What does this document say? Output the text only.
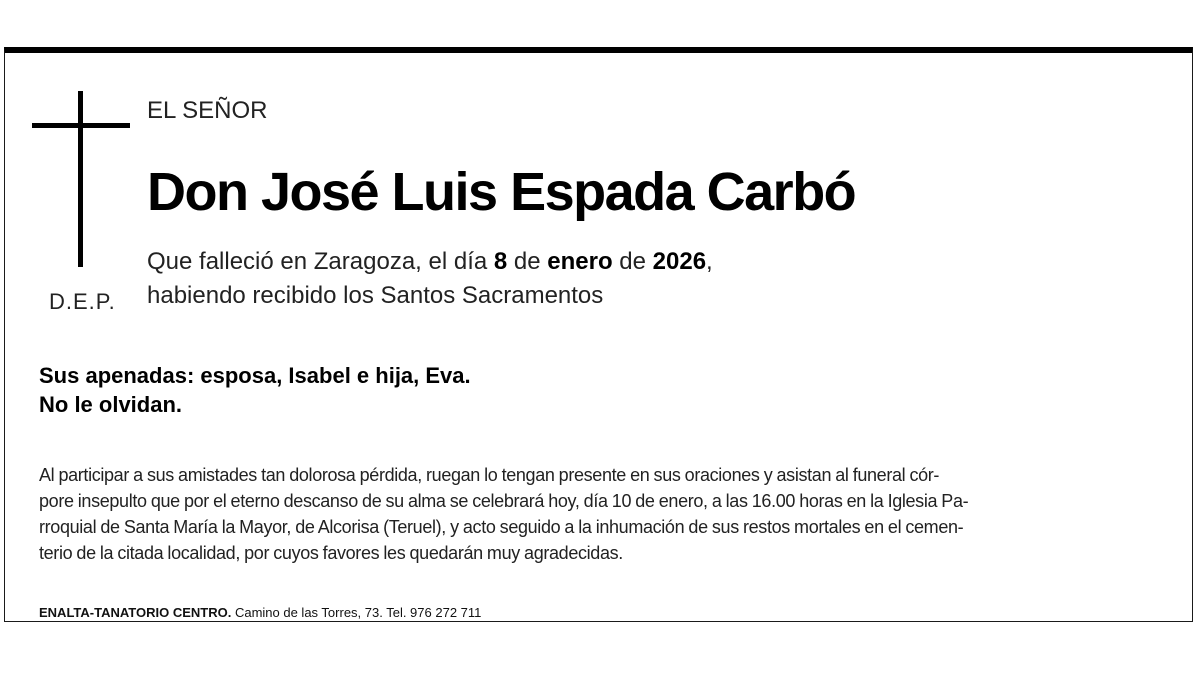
D.E.P.
EL SEÑOR
Don José Luis Espada Carbó
Que falleció en Zaragoza, el día 8 de enero de 2026,
habiendo recibido los Santos Sacramentos
Sus apenadas: esposa, Isabel e hija, Eva.
No le olvidan.
Al participar a sus amistades tan dolorosa pérdida, ruegan lo tengan presente en sus oraciones y asistan al funeral cór-
pore insepulto que por el eterno descanso de su alma se celebrará hoy, día 10 de enero, a las 16.00 horas en la Iglesia Pa-
rroquial de Santa María la Mayor, de Alcorisa (Teruel), y acto seguido a la inhumación de sus restos mortales en el cemen-
terio de la citada localidad, por cuyos favores les quedarán muy agradecidas.
ENALTA-TANATORIO CENTRO. Camino de las Torres, 73. Tel. 976 272 711
